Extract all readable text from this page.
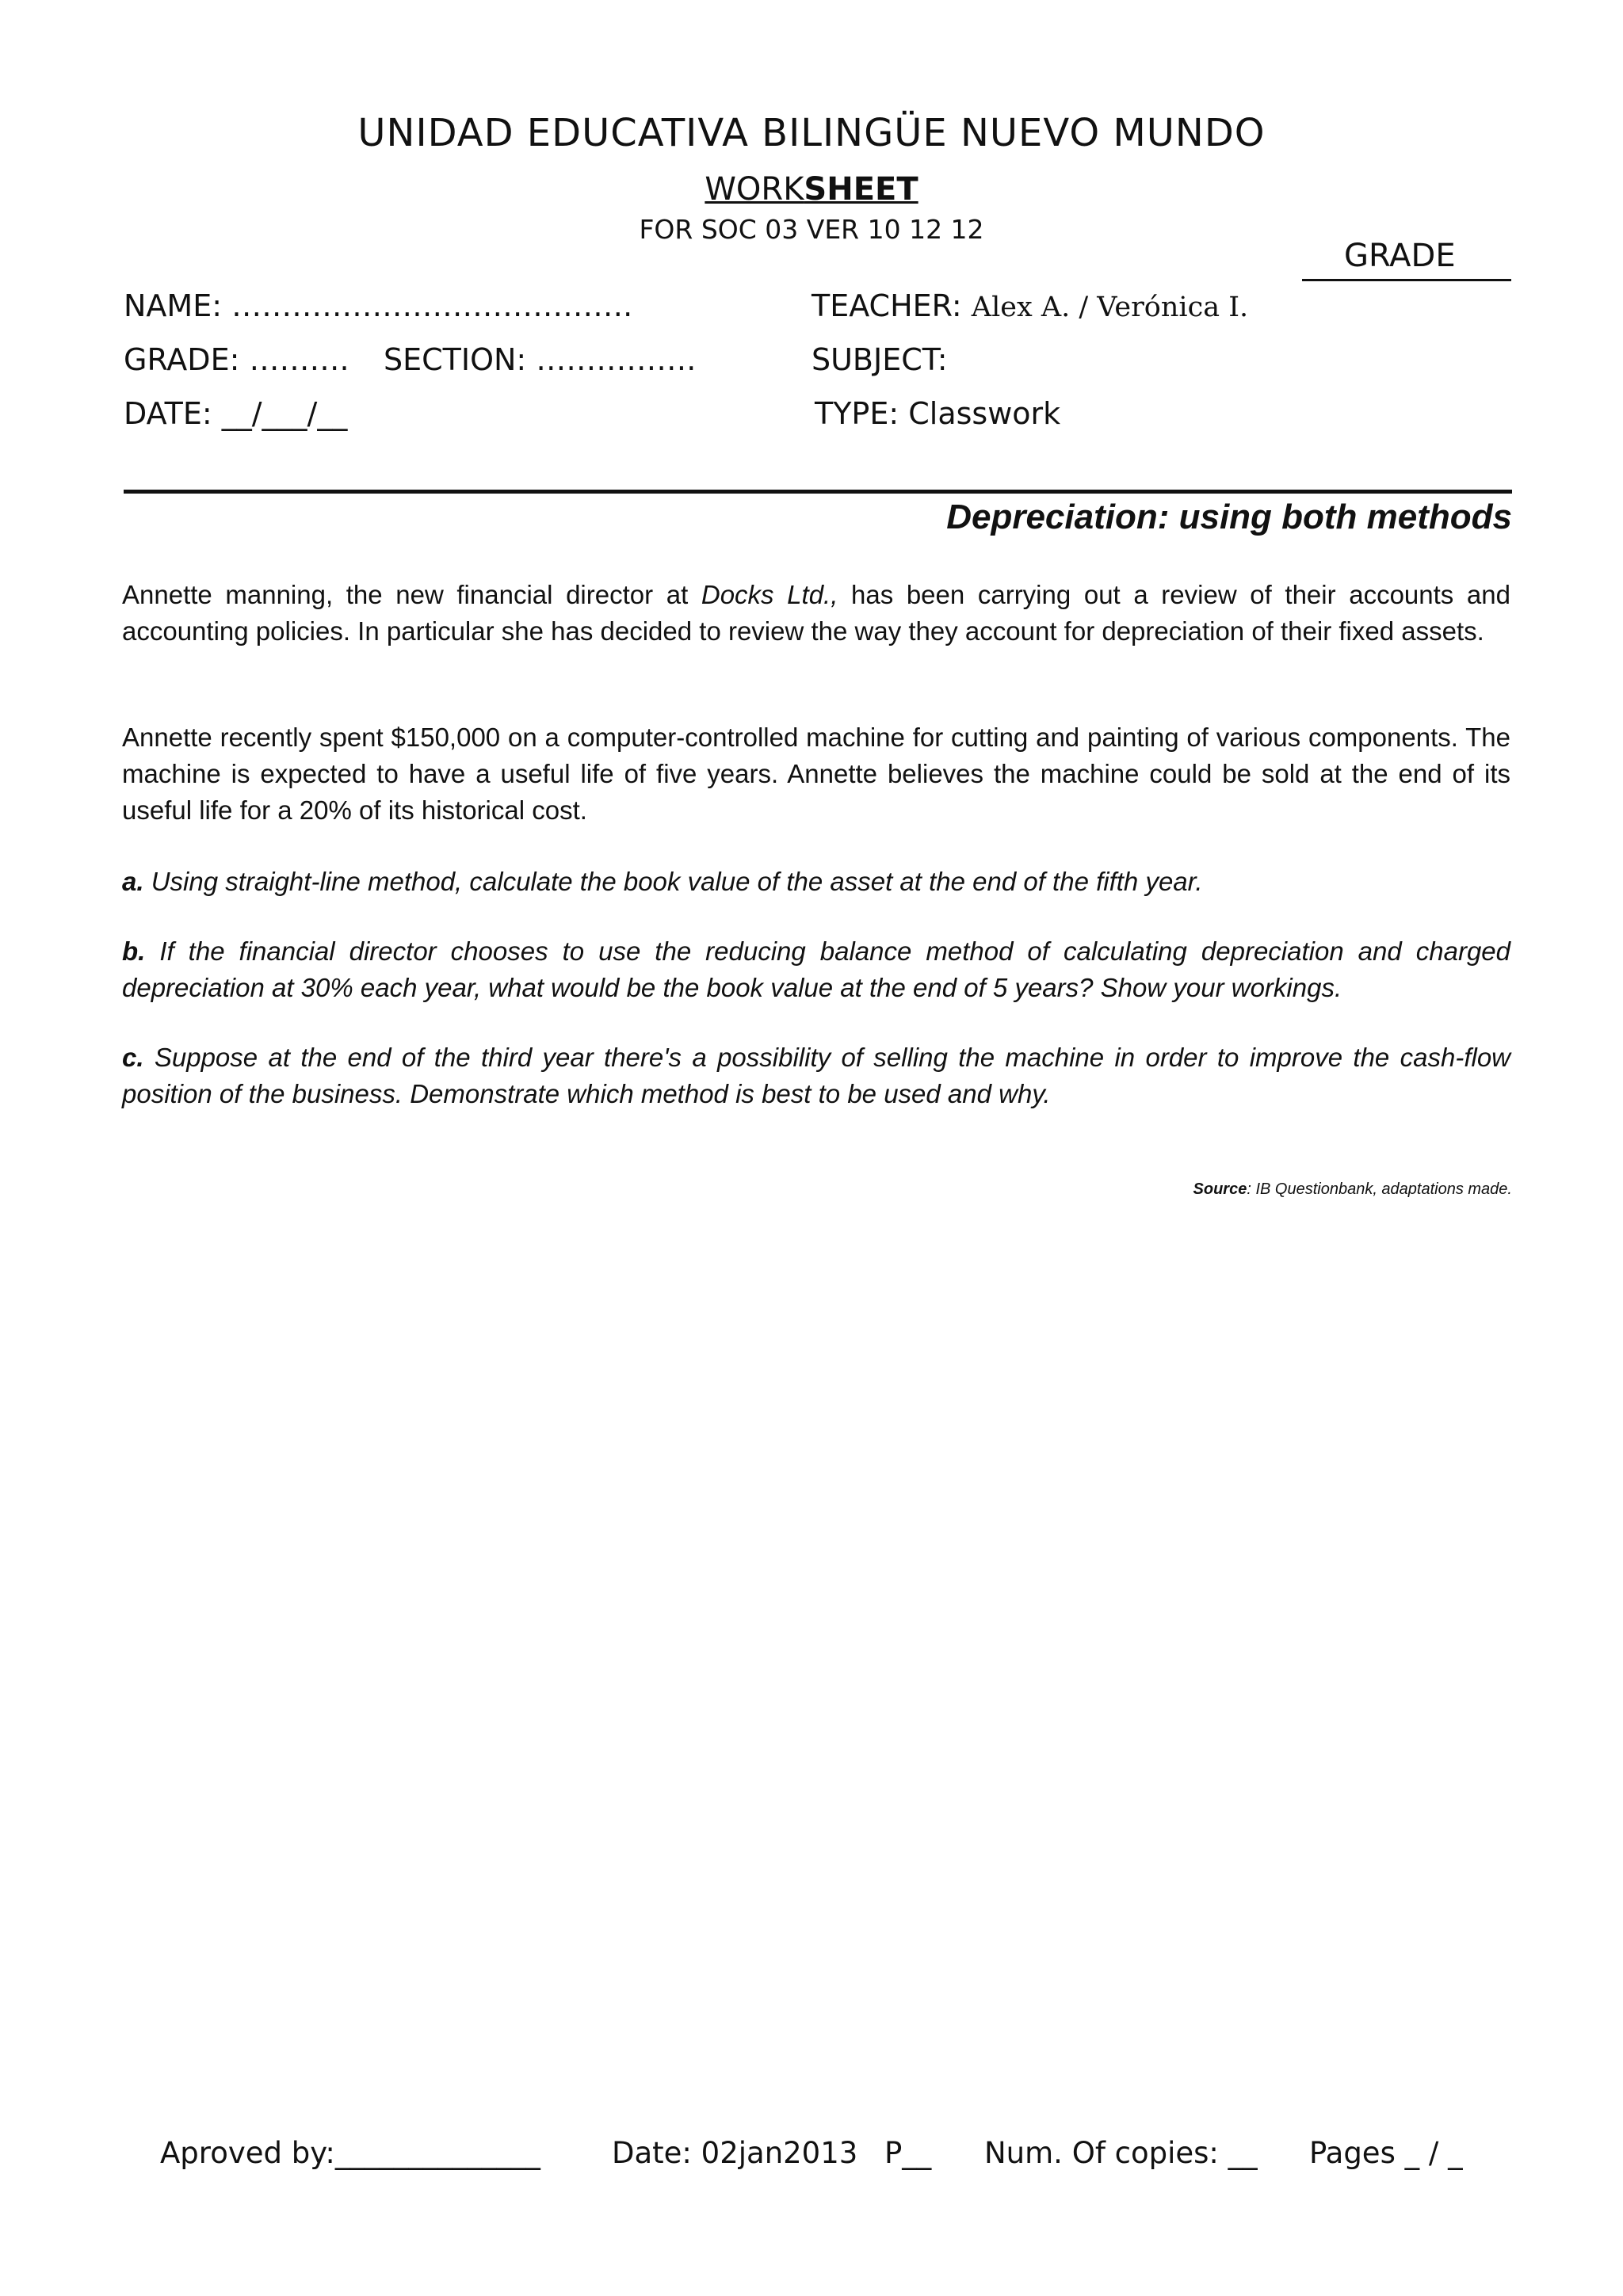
UNIDAD EDUCATIVA BILINGÜE NUEVO MUNDO
WORKSHEET
FOR SOC 03 VER 10 12 12
GRADE
NAME: ………………………………….
GRADE: ………. SECTION: …………….
DATE: __/___/__
TEACHER: Alex A. / Verónica I.
SUBJECT:
TYPE: Classwork
Depreciation: using both methods
Annette manning, the new financial director at Docks Ltd., has been carrying out a review of their accounts and accounting policies. In particular she has decided to review the way they account for depreciation of their fixed assets.
Annette recently spent $150,000 on a computer-controlled machine for cutting and painting of various components. The machine is expected to have a useful life of five years. Annette believes the machine could be sold at the end of its useful life for a 20% of its historical cost.
a. Using straight-line method, calculate the book value of the asset at the end of the fifth year.
b. If the financial director chooses to use the reducing balance method of calculating depreciation and charged depreciation at 30% each year, what would be the book value at the end of 5 years? Show your workings.
c. Suppose at the end of the third year there's a possibility of selling the machine in order to improve the cash-flow position of the business. Demonstrate which method is best to be used and why.
Source: IB Questionbank, adaptations made.
Aproved by:______________ Date: 02jan2013 P__ Num. Of copies: __ Pages _ / _
